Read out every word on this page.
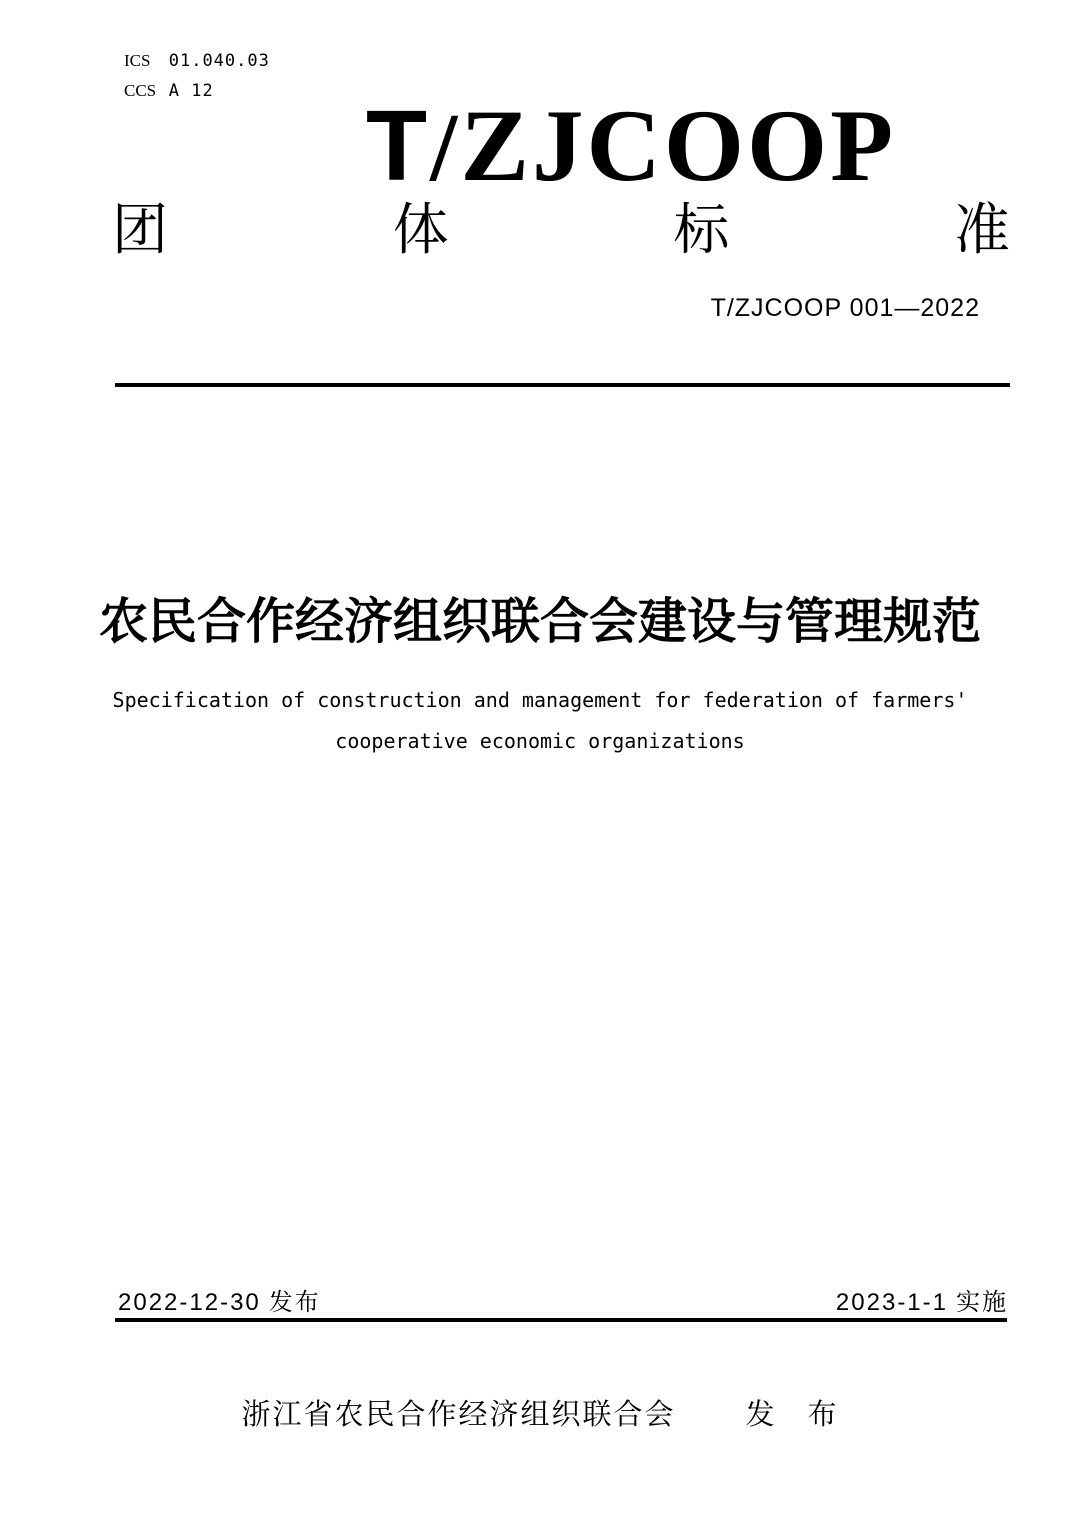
ICS 01.040.03
CCS A 12	T/ZJCOOP
团	体	标	准
T/ZJCOOP 001—2022
农民合作经济组织联合会建设与管理规范
Specification of construction and management for federation of farmers'
cooperative economic organizations
2022-12-30 发布	2023-1-1 实施
浙江省农民合作经济组织联合会 发　布
